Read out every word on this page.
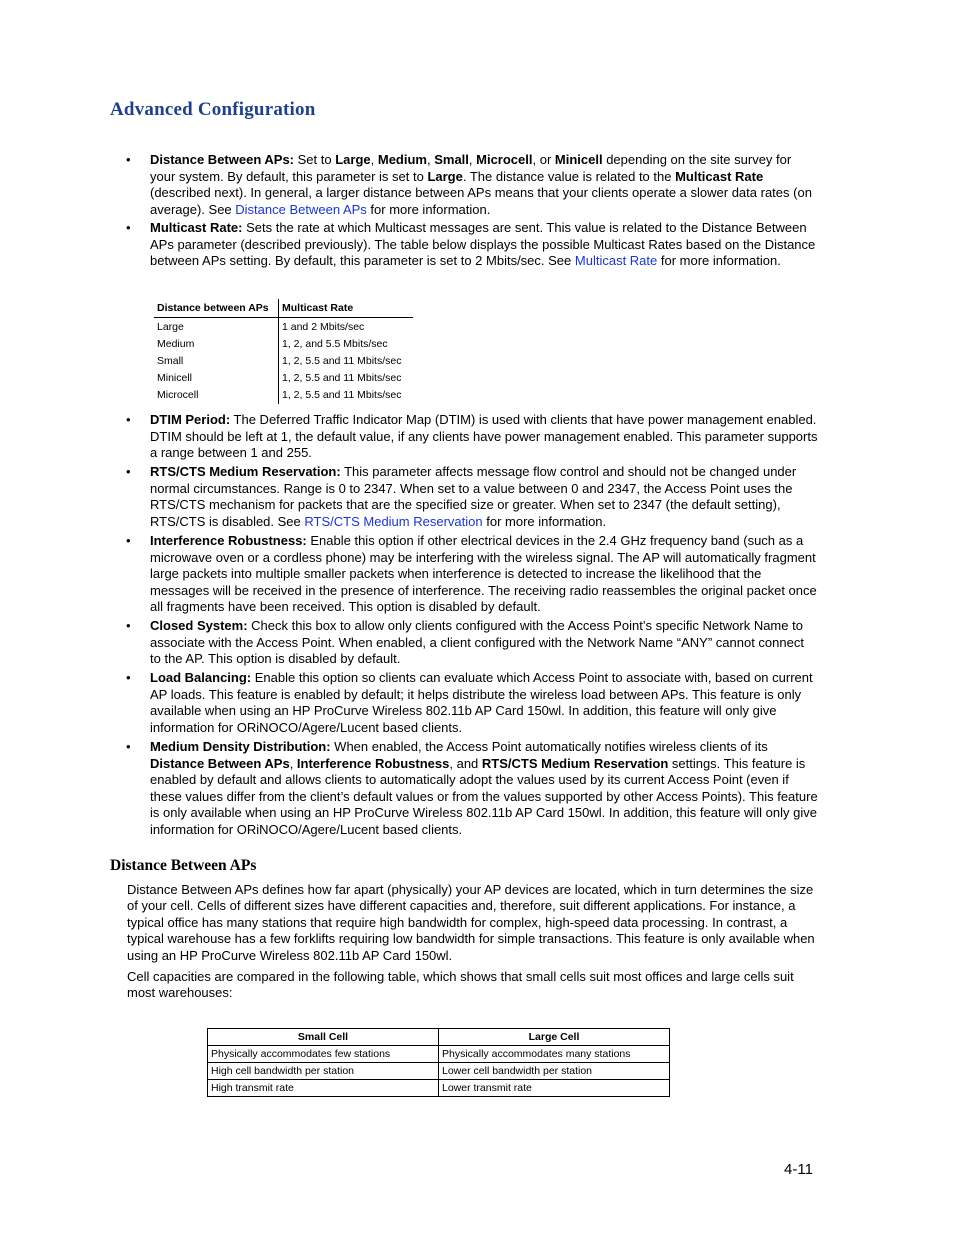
Advanced Configuration
• Distance Between APs: Set to Large, Medium, Small, Microcell, or Minicell depending on the site survey for your system. By default, this parameter is set to Large. The distance value is related to the Multicast Rate (described next). In general, a larger distance between APs means that your clients operate a slower data rates (on average). See Distance Between APs for more information.
• Multicast Rate: Sets the rate at which Multicast messages are sent. This value is related to the Distance Between APs parameter (described previously). The table below displays the possible Multicast Rates based on the Distance between APs setting. By default, this parameter is set to 2 Mbits/sec. See Multicast Rate for more information.
Distance between APs	Multicast Rate
Large	1 and 2 Mbits/sec
Medium	1, 2, and 5.5 Mbits/sec
Small	1, 2, 5.5 and 11 Mbits/sec
Minicell	1, 2, 5.5 and 11 Mbits/sec
Microcell	1, 2, 5.5 and 11 Mbits/sec
• DTIM Period: The Deferred Traffic Indicator Map (DTIM) is used with clients that have power management enabled. DTIM should be left at 1, the default value, if any clients have power management enabled. This parameter supports a range between 1 and 255.
• RTS/CTS Medium Reservation: This parameter affects message flow control and should not be changed under normal circumstances. Range is 0 to 2347. When set to a value between 0 and 2347, the Access Point uses the RTS/CTS mechanism for packets that are the specified size or greater. When set to 2347 (the default setting), RTS/CTS is disabled. See RTS/CTS Medium Reservation for more information.
• Interference Robustness: Enable this option if other electrical devices in the 2.4 GHz frequency band (such as a microwave oven or a cordless phone) may be interfering with the wireless signal. The AP will automatically fragment large packets into multiple smaller packets when interference is detected to increase the likelihood that the messages will be received in the presence of interference. The receiving radio reassembles the original packet once all fragments have been received. This option is disabled by default.
• Closed System: Check this box to allow only clients configured with the Access Point’s specific Network Name to associate with the Access Point. When enabled, a client configured with the Network Name “ANY” cannot connect to the AP. This option is disabled by default.
• Load Balancing: Enable this option so clients can evaluate which Access Point to associate with, based on current AP loads. This feature is enabled by default; it helps distribute the wireless load between APs. This feature is only available when using an HP ProCurve Wireless 802.11b AP Card 150wl. In addition, this feature will only give information for ORiNOCO/Agere/Lucent based clients.
• Medium Density Distribution: When enabled, the Access Point automatically notifies wireless clients of its Distance Between APs, Interference Robustness, and RTS/CTS Medium Reservation settings. This feature is enabled by default and allows clients to automatically adopt the values used by its current Access Point (even if these values differ from the client’s default values or from the values supported by other Access Points). This feature is only available when using an HP ProCurve Wireless 802.11b AP Card 150wl. In addition, this feature will only give information for ORiNOCO/Agere/Lucent based clients.
Distance Between APs

Distance Between APs defines how far apart (physically) your AP devices are located, which in turn determines the size of your cell. Cells of different sizes have different capacities and, therefore, suit different applications. For instance, a typical office has many stations that require high bandwidth for complex, high-speed data processing. In contrast, a typical warehouse has a few forklifts requiring low bandwidth for simple transactions. This feature is only available when using an HP ProCurve Wireless 802.11b AP Card 150wl.

Cell capacities are compared in the following table, which shows that small cells suit most offices and large cells suit most warehouses:

Small Cell	Large Cell
Physically accommodates few stations	Physically accommodates many stations
High cell bandwidth per station	Lower cell bandwidth per station
High transmit rate	Lower transmit rate
4-11
